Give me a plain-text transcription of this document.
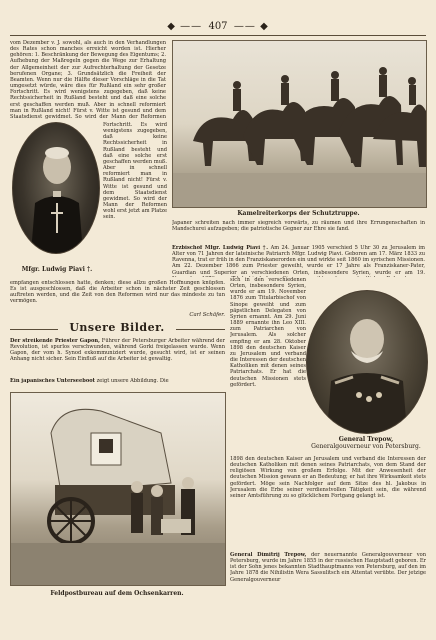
◆ —— 407 —— ◆

vom Dezember v. J. sowohl, als auch in den Verhandlungen des Rates schon manches erreicht worden ist. Hierher gehören: 1. Beschränkung der Bewegung des Eigentums; 2. Aufhebung der Maßregeln gegen die Wege zur Erhaltung der Allgemeinheit der zur Aufrechterhaltung der Gesetze berufenen Organe; 3. Grundsätzlich die Freiheit der Beamten. Wenn nur die Hälfte dieser Vorschläge in die Tat umgesetzt würde, wäre dies für Rußland ein sehr großer Fortschritt. Es wird wenigstens zugegeben, daß keine Rechtssicherheit in Rußland besteht und daß eine solche erst geschaffen werden muß. Aber in schnell reformiert man in Rußland nicht! Fürst v. Witte ist gesund und dem Staatsdienst gewidmet. So wird der Mann der Reformen

Mfgr. Ludwig Piavi †.

Fortschritt. Es wird wenigstens zugegeben, daß keine Rechtssicherheit in Rußland besteht und daß eine solche erst geschaffen werden muß. Aber in schnell reformiert man in Rußland nicht! Fürst v. Witte ist gesund und dem Staatsdienst gewidmet. So wird der Mann der Reformen wohl erst jetzt am Platze sein.

Kamelreiterkorps der Schutztruppe.

Japaner schreiten nach immer siegreich vorwärts, zu räumen und ihre Errungenschaften in Mandschurei aufzugeben; die patriotische Gegner zur Ehre sie fand.

Erzbischof Mfgr. Ludwig Piavi †. Am 24. Januar 1905 verschied 5 Uhr 30 zu Jerusalem im Alter von 71 Jahren der lateinische Patriarch Mfgr. Ludwig Piavi. Geboren am 17. März 1833 zu Ravenna, trat er früh in den Franziskanerorden ein und wirkte seit 1860 im syrischen Missionen. Am 22. Dezember 1866 zum Priester geweiht, wurde er 17 Jahre als Franziskaner-Pater, Guardian und Superior an verschiedenen Orten, insbesondere Syrien, wurde er am 19.

sich in den verschiedenen Orten, insbesondere Syrien, wurde er am 19. November 1876 zum Titularbischof von Sinope geweiht und zum päpstlichen Delegaten von Syrien ernannt. Am 29. Juni 1889 ernannte ihn Leo XIII. zum Patriarchen von Jerusalem. Als solcher empfing er am 28. Oktober 1898 den deutschen Kaiser zu Jerusalem und verband die Interessen der deutschen Katholiken mit denen seines Patriarchats. Er hat die deutschen Missionen stets gefördert.

General Trepow,
Generalgouverneur von Petersburg.

1898 den deutschen Kaiser an Jerusalem und verband die Interessen der deutschen Katholiken mit denen seines Patriarchats, von dem Stand der religiösen Wirkung von großem Erfolge. Mit der Anwesenheit der deutschen Mission gewann er an Bedeutung; er hat ihre Wirksamkeit stets gefördert. Möge sein Nachfolger auf dem Sitze des hl. Jakobus in Jerusalem die Erbe seiner verdienstvollen Tätigkeit sein, die während seiner Amtsführung zu so glücklichem Fortgang gelangt ist.

General Dimitrij Trepow, der neuernannte Generalgouverneur von Petersburg, wurde im Jahre 1855 in der russischen Hauptstadt geboren. Er ist der Sohn jenes bekannten Stadthauptmanns von Petersburg, auf den im Jahre 1878 die Nihilistin Wera Sassulitsch ein Attentat verübte. Der jetzige Generalgouverneur

empfangen entschlossen hatte, denken; diese allzu großen Hoffnungen knüpfen. Es ist ausgeschlossen, daß die Arbeiter schon in nächster Zeit geschlossen auftreten werden, und die Zeit von den Reformen wird nur das mindeste zu tun vermögen.

Carl Schäfer.
Unsere Bilder.

Der streikende Priester Gapon, Führer der Petersburger Arbeiter während der Revolution, ist spurlos verschwunden, während Gorki freigelassen wurde. Wenn Gapon, der vom h. Synod exkommuniziert wurde, gesucht wird, ist er seinen Anhang nicht sicher. Sein Einfluß auf die Arbeiter ist gewaltig.

Ein japanisches Unterseeboot zeigt unsere Abbildung. Die

Feldpostbureau auf dem Ochsenkarren.
